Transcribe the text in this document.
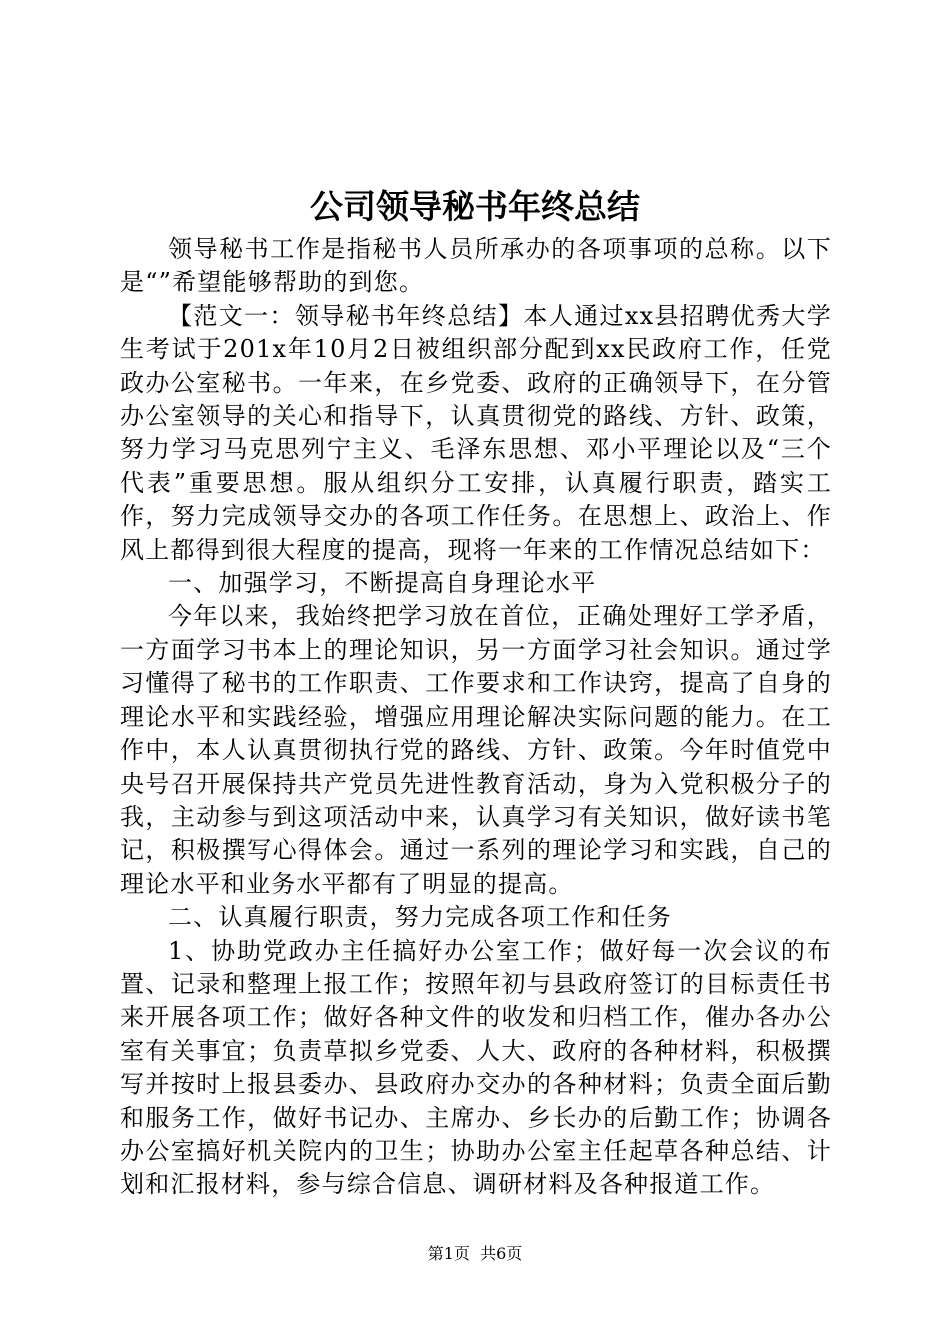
公司领导秘书年终总结

领导秘书工作是指秘书人员所承办的各项事项的总称。以下是“”希望能够帮助的到您。

【范文一：领导秘书年终总结】本人通过xx县招聘优秀大学生考试于201x年10月2日被组织部分配到xx民政府工作，任党政办公室秘书。一年来，在乡党委、政府的正确领导下，在分管办公室领导的关心和指导下，认真贯彻党的路线、方针、政策，努力学习马克思列宁主义、毛泽东思想、邓小平理论以及“三个代表”重要思想。服从组织分工安排，认真履行职责，踏实工作，努力完成领导交办的各项工作任务。在思想上、政治上、作风上都得到很大程度的提高，现将一年来的工作情况总结如下：

一、加强学习，不断提高自身理论水平

今年以来，我始终把学习放在首位，正确处理好工学矛盾，一方面学习书本上的理论知识，另一方面学习社会知识。通过学习懂得了秘书的工作职责、工作要求和工作诀窍，提高了自身的理论水平和实践经验，增强应用理论解决实际问题的能力。在工作中，本人认真贯彻执行党的路线、方针、政策。今年时值党中央号召开展保持共产党员先进性教育活动，身为入党积极分子的我，主动参与到这项活动中来，认真学习有关知识，做好读书笔记，积极撰写心得体会。通过一系列的理论学习和实践，自己的理论水平和业务水平都有了明显的提高。

二、认真履行职责，努力完成各项工作和任务

1、协助党政办主任搞好办公室工作；做好每一次会议的布置、记录和整理上报工作；按照年初与县政府签订的目标责任书来开展各项工作；做好各种文件的收发和归档工作，催办各办公室有关事宜；负责草拟乡党委、人大、政府的各种材料，积极撰写并按时上报县委办、县政府办交办的各种材料；负责全面后勤和服务工作，做好书记办、主席办、乡长办的后勤工作；协调各办公室搞好机关院内的卫生；协助办公室主任起草各种总结、计划和汇报材料，参与综合信息、调研材料及各种报道工作。

第1页 共6页
